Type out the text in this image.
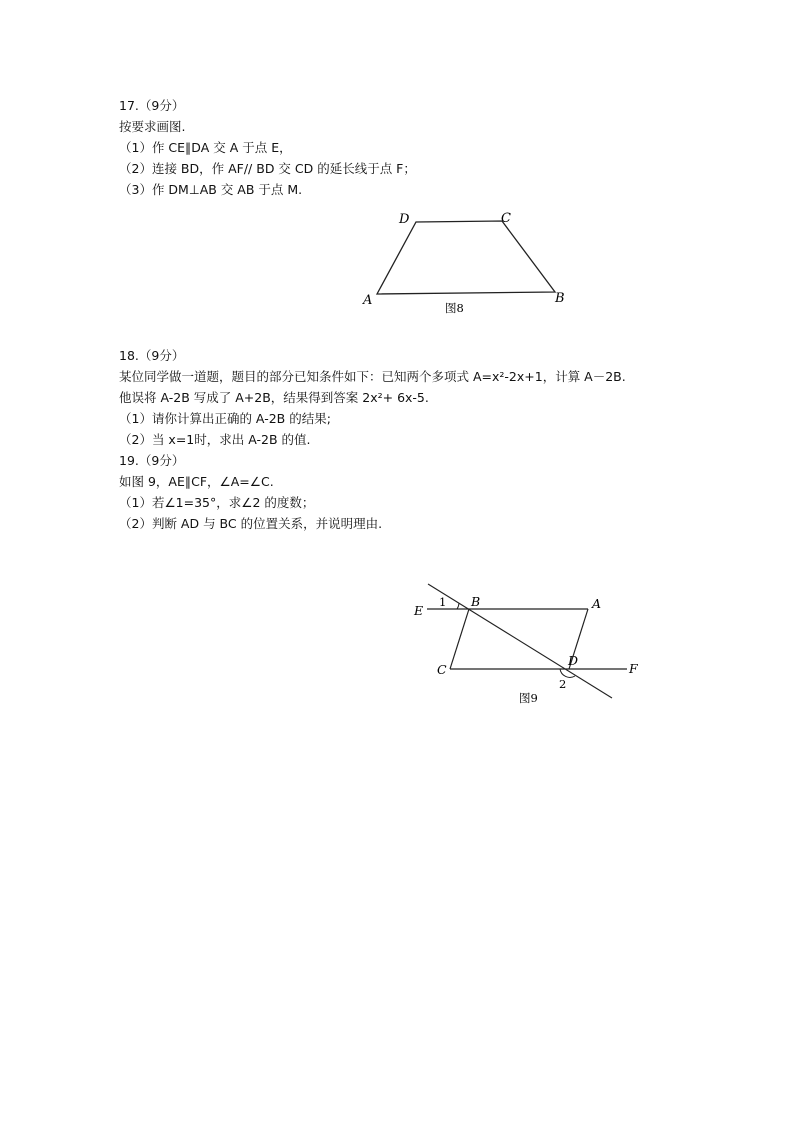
17.（9分）
按要求画图.
（1）作 CE∥DA 交 A 于点 E，
（2）连接 BD，作 AF// BD 交 CD 的延长线于点 F；
（3）作 DM⊥AB 交 AB 于点 M.
D	C
A	B
图8
18.（9分）
某位同学做一道题，题目的部分已知条件如下：已知两个多项式 A=x²-2x+1，计算 A－2B.
他误将 A-2B 写成了 A+2B，结果得到答案 2x²+ 6x-5.
（1）请你计算出正确的 A-2B 的结果;
（2）当 x=1时，求出 A-2B 的值.
19.（9分）
如图 9，AE∥CF，∠A=∠C.
（1）若∠1=35°，求∠2 的度数；
（2）判断 AD 与 BC 的位置关系，并说明理由.
E
1 B	A
C
D
F
2
图9
